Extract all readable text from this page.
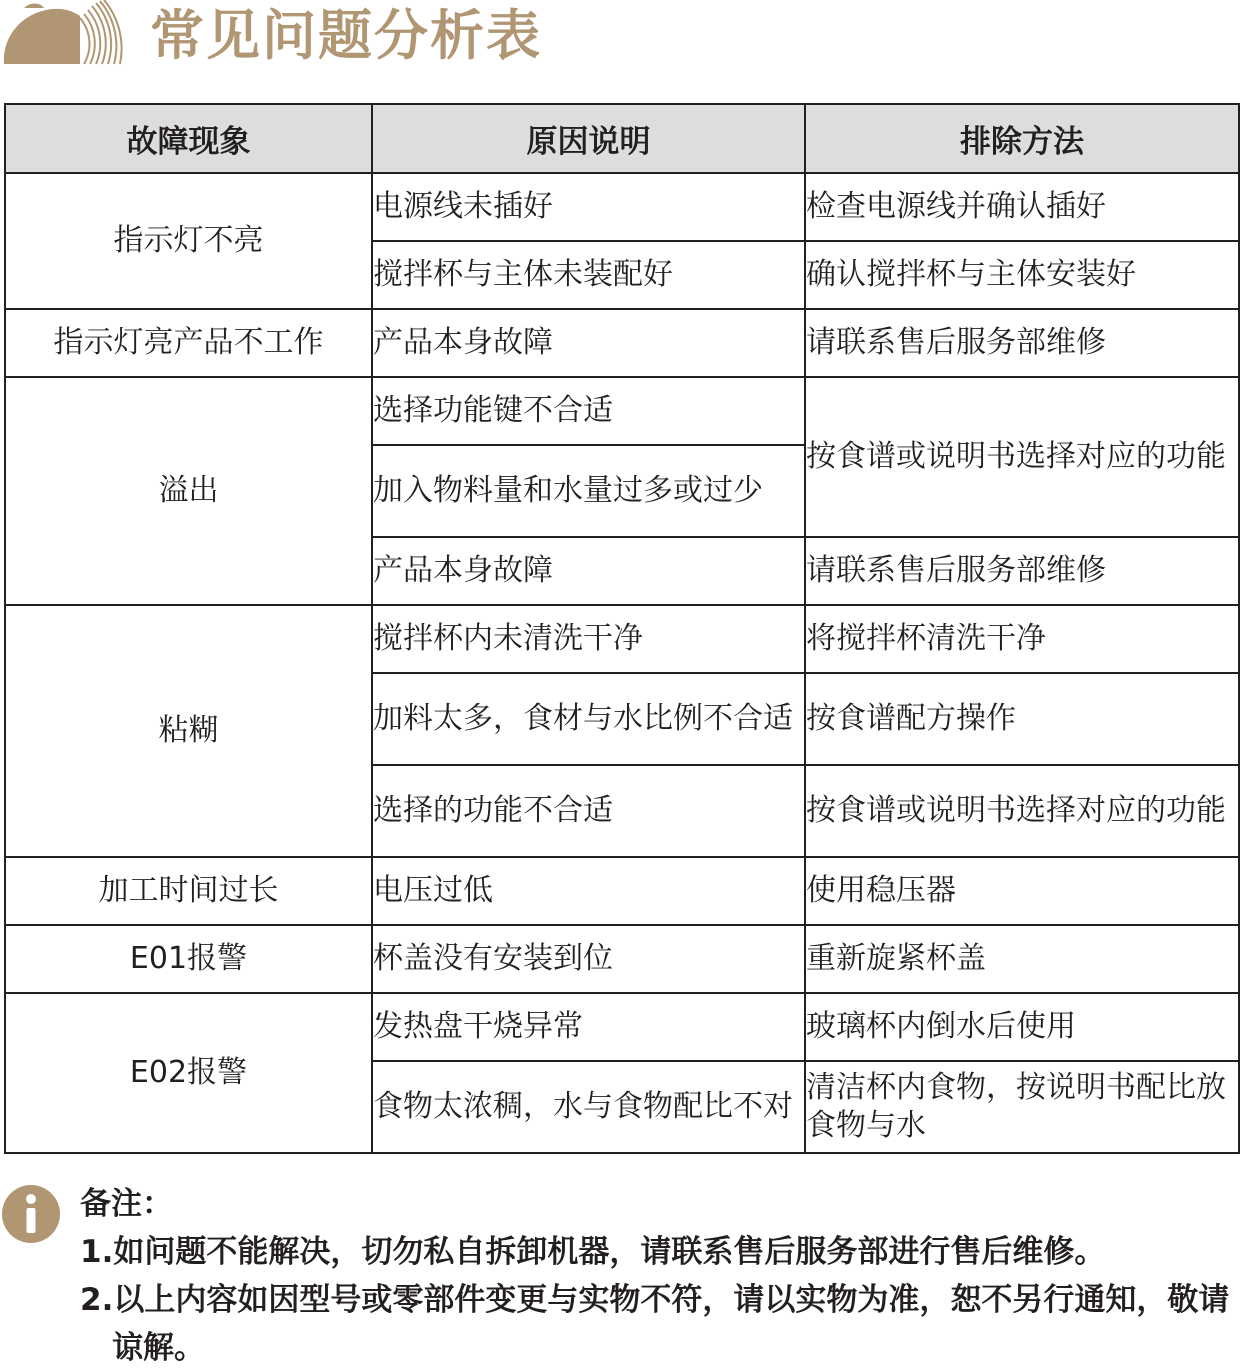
常见问题分析表
故障现象	原因说明	排除方法
指示灯不亮	电源线未插好	检查电源线并确认插好
	搅拌杯与主体未装配好	确认搅拌杯与主体安装好
指示灯亮产品不工作	产品本身故障	请联系售后服务部维修
溢出	选择功能键不合适	按食谱或说明书选择对应的功能
	加入物料量和水量过多或过少	
	产品本身故障	请联系售后服务部维修
粘糊	搅拌杯内未清洗干净	将搅拌杯清洗干净
	加料太多，食材与水比例不合适	按食谱配方操作
	选择的功能不合适	按食谱或说明书选择对应的功能
加工时间过长	电压过低	使用稳压器
E01报警	杯盖没有安装到位	重新旋紧杯盖
E02报警	发热盘干烧异常	玻璃杯内倒水后使用
	食物太浓稠，水与食物配比不对	清洁杯内食物，按说明书配比放食物与水

备注：

1.如问题不能解决，切勿私自拆卸机器，请联系售后服务部进行售后维修。

2.以上内容如因型号或零部件变更与实物不符，请以实物为准，恕不另行通知，敬请谅解。
